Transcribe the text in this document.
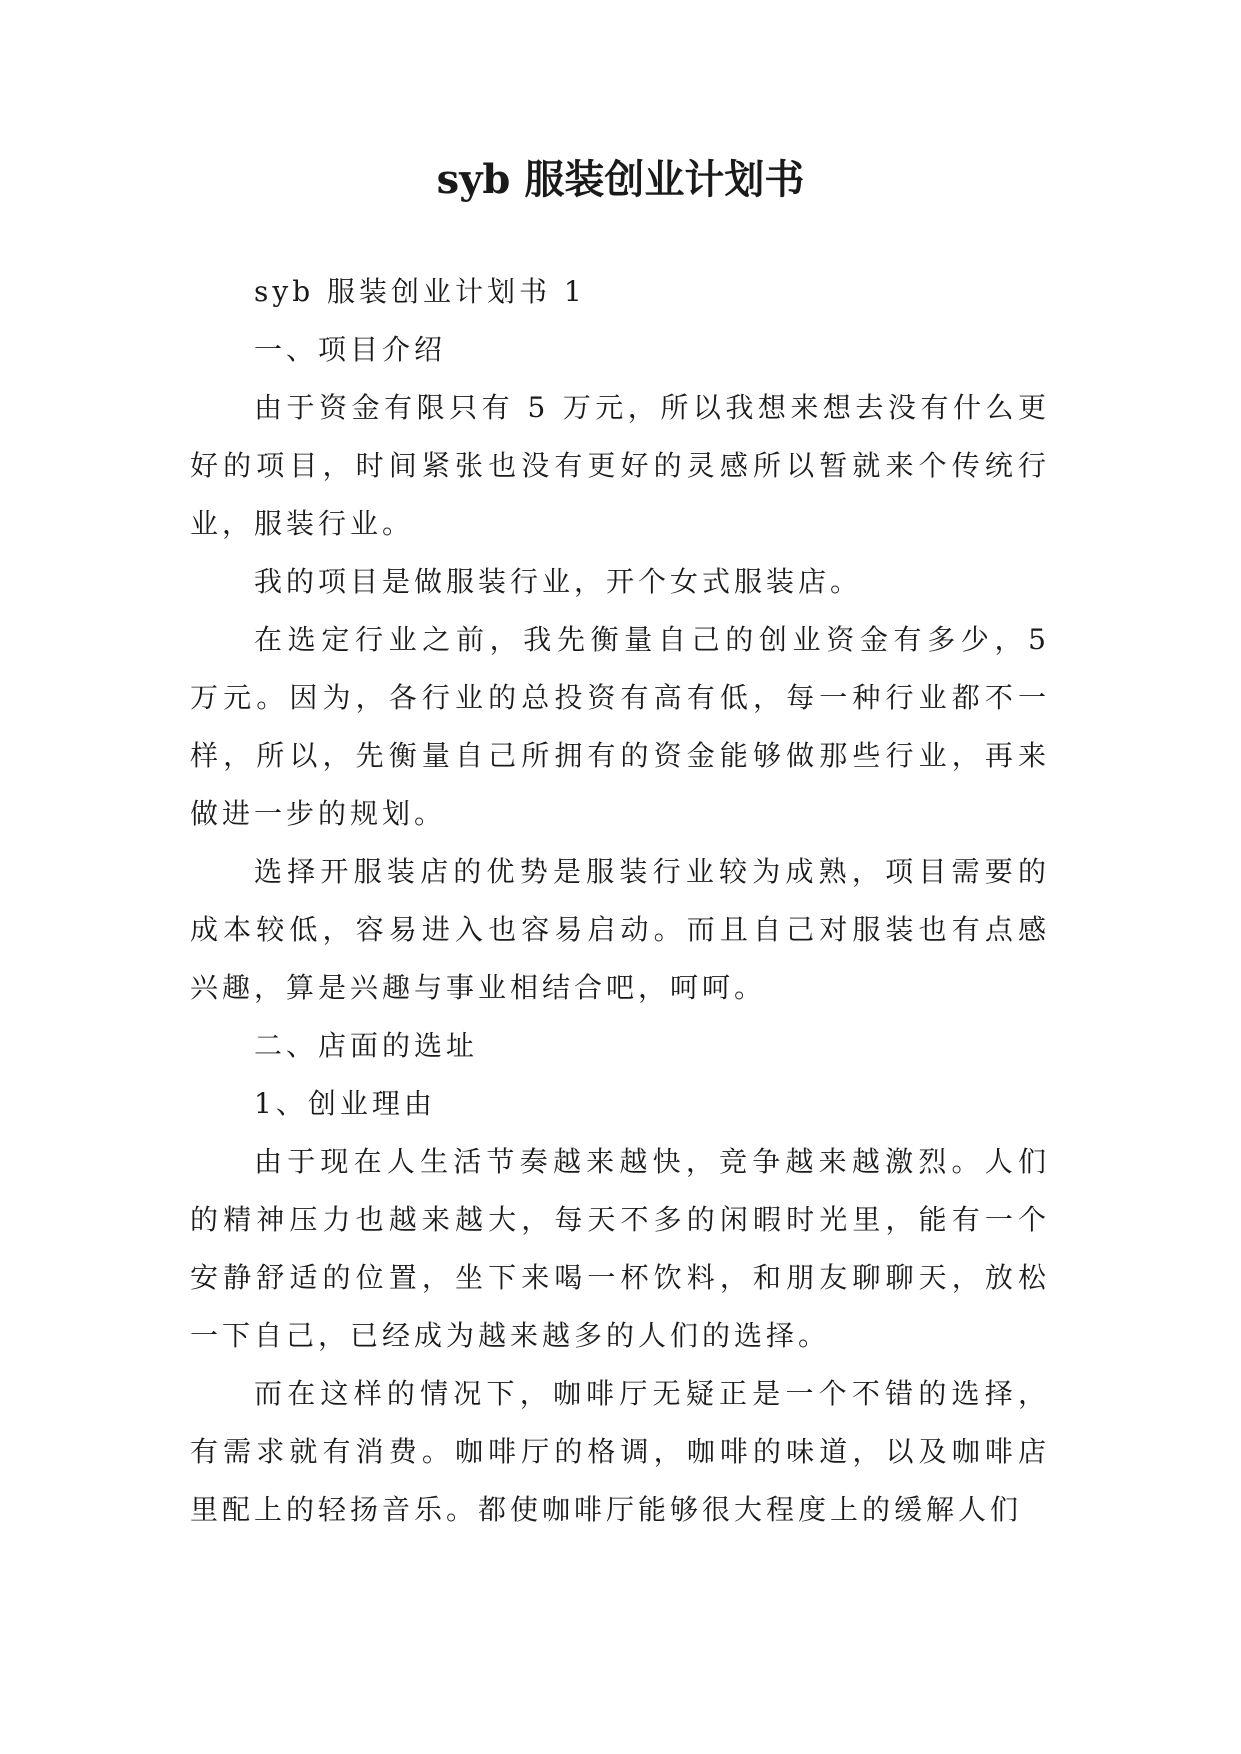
syb 服装创业计划书

syb 服装创业计划书 1

一、项目介绍

由于资金有限只有 5 万元，所以我想来想去没有什么更好的项目，时间紧张也没有更好的灵感所以暂就来个传统行业，服装行业。

我的项目是做服装行业，开个女式服装店。

在选定行业之前，我先衡量自己的创业资金有多少，5 万元。因为，各行业的总投资有高有低，每一种行业都不一样，所以，先衡量自己所拥有的资金能够做那些行业，再来做进一步的规划。

选择开服装店的优势是服装行业较为成熟，项目需要的成本较低，容易进入也容易启动。而且自己对服装也有点感兴趣，算是兴趣与事业相结合吧，呵呵。

二、店面的选址

1、创业理由

由于现在人生活节奏越来越快，竞争越来越激烈。人们的精神压力也越来越大，每天不多的闲暇时光里，能有一个安静舒适的位置，坐下来喝一杯饮料，和朋友聊聊天，放松一下自己，已经成为越来越多的人们的选择。

而在这样的情况下，咖啡厅无疑正是一个不错的选择，有需求就有消费。咖啡厅的格调，咖啡的味道，以及咖啡店里配上的轻扬音乐。都使咖啡厅能够很大程度上的缓解人们
